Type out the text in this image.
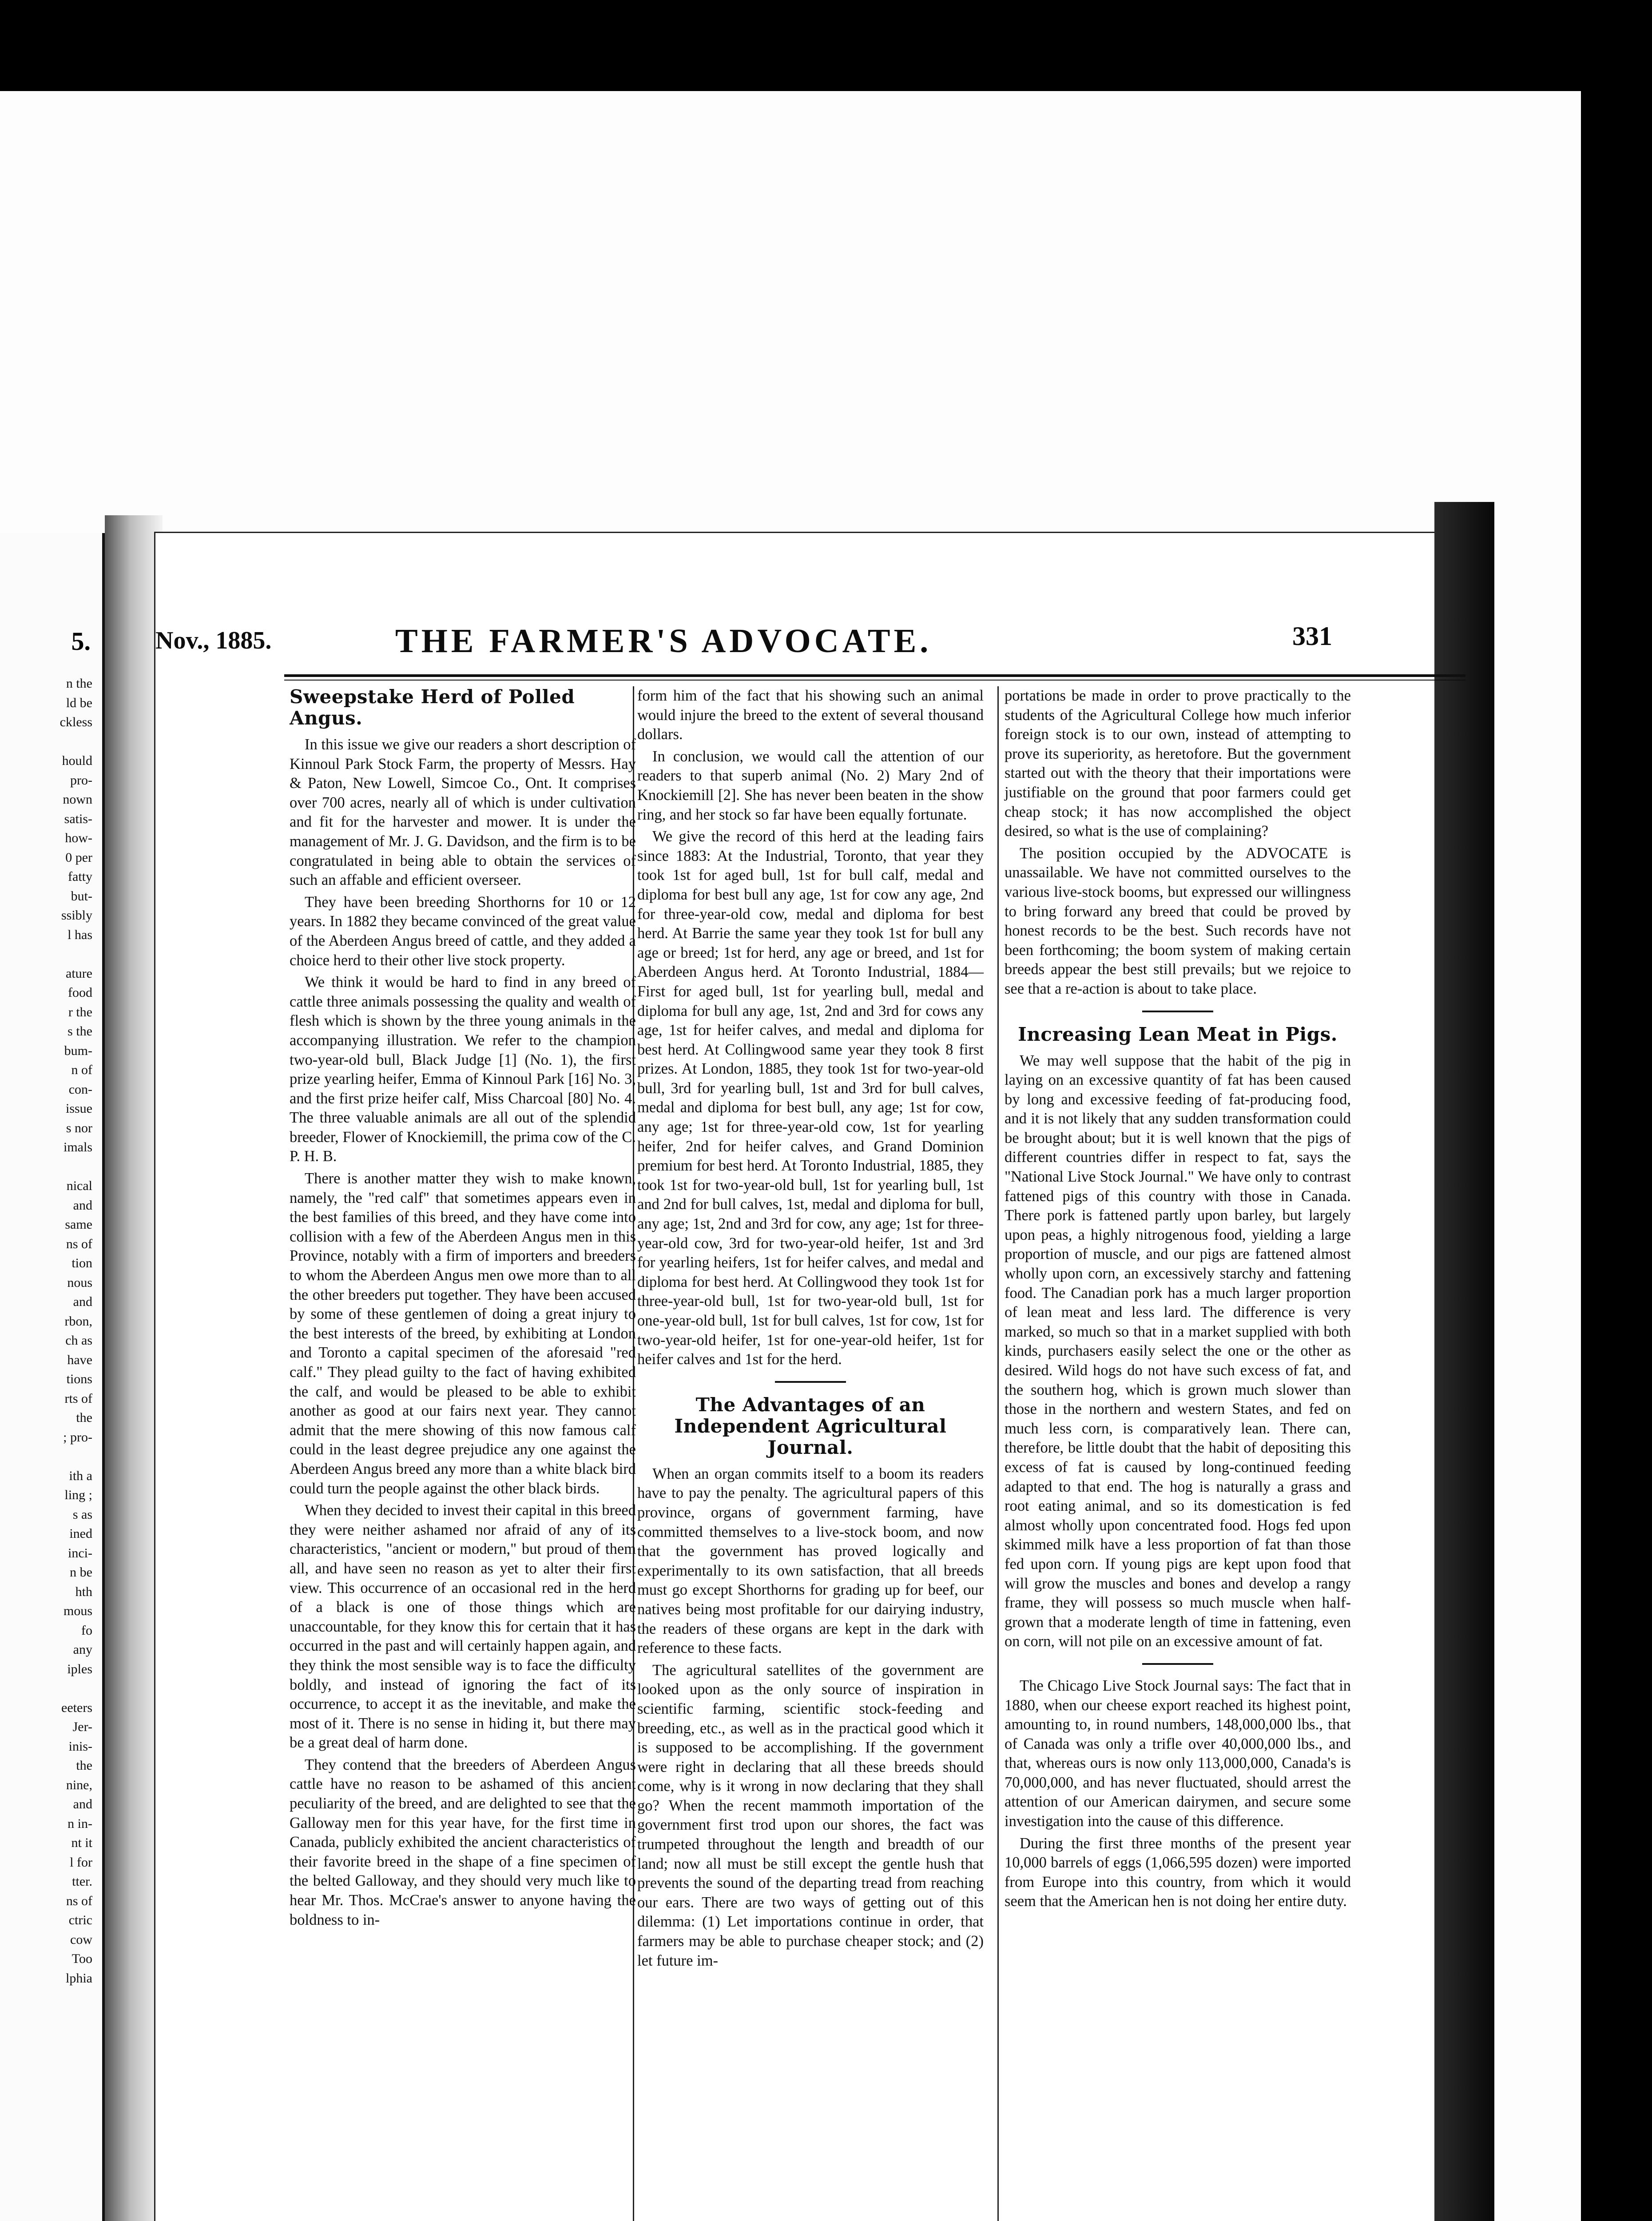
5.
n the
ld be
ckless

hould
pro-
nown
satis-
how-
0 per
fatty
but-
ssibly
l has

ature
food
r the
s the
bum-
n of
con-
issue
s nor
imals

nical
and
same
ns of
tion
nous
and
rbon,
ch as
have
tions
rts of
the
; pro-

ith a
ling ;
s as
ined
inci-
n be
hth
mous
fo
any
iples

eeters
Jer-
inis-
the
nine,
and
n in-
nt it
l for
tter.
ns of
ctric
cow
Too
lphia
Nov., 1885.	THE FARMER'S ADVOCATE.	331
Sweepstake Herd of Polled Angus.

In this issue we give our readers a short description of Kinnoul Park Stock Farm, the property of Messrs. Hay & Paton, New Lowell, Simcoe Co., Ont. It comprises over 700 acres, nearly all of which is under cultivation and fit for the harvester and mower. It is under the management of Mr. J. G. Davidson, and the firm is to be congratulated in being able to obtain the services of such an affable and efficient overseer.

They have been breeding Shorthorns for 10 or 12 years. In 1882 they became convinced of the great value of the Aberdeen Angus breed of cattle, and they added a choice herd to their other live stock property.

We think it would be hard to find in any breed of cattle three animals possessing the quality and wealth of flesh which is shown by the three young animals in the accompanying illustration. We refer to the champion two-year-old bull, Black Judge [1] (No. 1), the first prize yearling heifer, Emma of Kinnoul Park [16] No. 3, and the first prize heifer calf, Miss Charcoal [80] No. 4. The three valuable animals are all out of the splendid breeder, Flower of Knockiemill, the prima cow of the C. P. H. B.

There is another matter they wish to make known, namely, the "red calf" that sometimes appears even in the best families of this breed, and they have come into collision with a few of the Aberdeen Angus men in this Province, notably with a firm of importers and breeders to whom the Aberdeen Angus men owe more than to all the other breeders put together. They have been accused by some of these gentlemen of doing a great injury to the best interests of the breed, by exhibiting at London and Toronto a capital specimen of the aforesaid "red calf." They plead guilty to the fact of having exhibited the calf, and would be pleased to be able to exhibit another as good at our fairs next year. They cannot admit that the mere showing of this now famous calf could in the least degree prejudice any one against the Aberdeen Angus breed any more than a white black bird could turn the people against the other black birds.

When they decided to invest their capital in this breed they were neither ashamed nor afraid of any of its characteristics, "ancient or modern," but proud of them all, and have seen no reason as yet to alter their first view. This occurrence of an occasional red in the herd of a black is one of those things which are unaccountable, for they know this for certain that it has occurred in the past and will certainly happen again, and they think the most sensible way is to face the difficulty boldly, and instead of ignoring the fact of its occurrence, to accept it as the inevitable, and make the most of it. There is no sense in hiding it, but there may be a great deal of harm done.

They contend that the breeders of Aberdeen Angus cattle have no reason to be ashamed of this ancient peculiarity of the breed, and are delighted to see that the Galloway men for this year have, for the first time in Canada, publicly exhibited the ancient characteristics of their favorite breed in the shape of a fine specimen of the belted Galloway, and they should very much like to hear Mr. Thos. McCrae's answer to anyone having the boldness to in-

form him of the fact that his showing such an animal would injure the breed to the extent of several thousand dollars.

In conclusion, we would call the attention of our readers to that superb animal (No. 2) Mary 2nd of Knockiemill [2]. She has never been beaten in the show ring, and her stock so far have been equally fortunate.

We give the record of this herd at the leading fairs since 1883: At the Industrial, Toronto, that year they took 1st for aged bull, 1st for bull calf, medal and diploma for best bull any age, 1st for cow any age, 2nd for three-year-old cow, medal and diploma for best herd. At Barrie the same year they took 1st for bull any age or breed; 1st for herd, any age or breed, and 1st for Aberdeen Angus herd. At Toronto Industrial, 1884—First for aged bull, 1st for yearling bull, medal and diploma for bull any age, 1st, 2nd and 3rd for cows any age, 1st for heifer calves, and medal and diploma for best herd. At Collingwood same year they took 8 first prizes. At London, 1885, they took 1st for two-year-old bull, 3rd for yearling bull, 1st and 3rd for bull calves, medal and diploma for best bull, any age; 1st for cow, any age; 1st for three-year-old cow, 1st for yearling heifer, 2nd for heifer calves, and Grand Dominion premium for best herd. At Toronto Industrial, 1885, they took 1st for two-year-old bull, 1st for yearling bull, 1st and 2nd for bull calves, 1st, medal and diploma for bull, any age; 1st, 2nd and 3rd for cow, any age; 1st for three-year-old cow, 3rd for two-year-old heifer, 1st and 3rd for yearling heifers, 1st for heifer calves, and medal and diploma for best herd. At Collingwood they took 1st for three-year-old bull, 1st for two-year-old bull, 1st for one-year-old bull, 1st for bull calves, 1st for cow, 1st for two-year-old heifer, 1st for one-year-old heifer, 1st for heifer calves and 1st for the herd.

The Advantages of an Independent Agricultural Journal.

When an organ commits itself to a boom its readers have to pay the penalty. The agricultural papers of this province, organs of government farming, have committed themselves to a live-stock boom, and now that the government has proved logically and experimentally to its own satisfaction, that all breeds must go except Shorthorns for grading up for beef, our natives being most profitable for our dairying industry, the readers of these organs are kept in the dark with reference to these facts.

The agricultural satellites of the government are looked upon as the only source of inspiration in scientific farming, scientific stock-feeding and breeding, etc., as well as in the practical good which it is supposed to be accomplishing. If the government were right in declaring that all these breeds should come, why is it wrong in now declaring that they shall go? When the recent mammoth importation of the government first trod upon our shores, the fact was trumpeted throughout the length and breadth of our land; now all must be still except the gentle hush that prevents the sound of the departing tread from reaching our ears. There are two ways of getting out of this dilemma: (1) Let importations continue in order, that farmers may be able to purchase cheaper stock; and (2) let future im-

portations be made in order to prove practically to the students of the Agricultural College how much inferior foreign stock is to our own, instead of attempting to prove its superiority, as heretofore. But the government started out with the theory that their importations were justifiable on the ground that poor farmers could get cheap stock; it has now accomplished the object desired, so what is the use of complaining?

The position occupied by the ADVOCATE is unassailable. We have not committed ourselves to the various live-stock booms, but expressed our willingness to bring forward any breed that could be proved by honest records to be the best. Such records have not been forthcoming; the boom system of making certain breeds appear the best still prevails; but we rejoice to see that a re-action is about to take place.

Increasing Lean Meat in Pigs.

We may well suppose that the habit of the pig in laying on an excessive quantity of fat has been caused by long and excessive feeding of fat-producing food, and it is not likely that any sudden transformation could be brought about; but it is well known that the pigs of different countries differ in respect to fat, says the "National Live Stock Journal." We have only to contrast fattened pigs of this country with those in Canada. There pork is fattened partly upon barley, but largely upon peas, a highly nitrogenous food, yielding a large proportion of muscle, and our pigs are fattened almost wholly upon corn, an excessively starchy and fattening food. The Canadian pork has a much larger proportion of lean meat and less lard. The difference is very marked, so much so that in a market supplied with both kinds, purchasers easily select the one or the other as desired. Wild hogs do not have such excess of fat, and the southern hog, which is grown much slower than those in the northern and western States, and fed on much less corn, is comparatively lean. There can, therefore, be little doubt that the habit of depositing this excess of fat is caused by long-continued feeding adapted to that end. The hog is naturally a grass and root eating animal, and so its domestication is fed almost wholly upon concentrated food. Hogs fed upon skimmed milk have a less proportion of fat than those fed upon corn. If young pigs are kept upon food that will grow the muscles and bones and develop a rangy frame, they will possess so much muscle when half-grown that a moderate length of time in fattening, even on corn, will not pile on an excessive amount of fat.

The Chicago Live Stock Journal says: The fact that in 1880, when our cheese export reached its highest point, amounting to, in round numbers, 148,000,000 lbs., that of Canada was only a trifle over 40,000,000 lbs., and that, whereas ours is now only 113,000,000, Canada's is 70,000,000, and has never fluctuated, should arrest the attention of our American dairymen, and secure some investigation into the cause of this difference.

During the first three months of the present year 10,000 barrels of eggs (1,066,595 dozen) were imported from Europe into this country, from which it would seem that the American hen is not doing her entire duty.
